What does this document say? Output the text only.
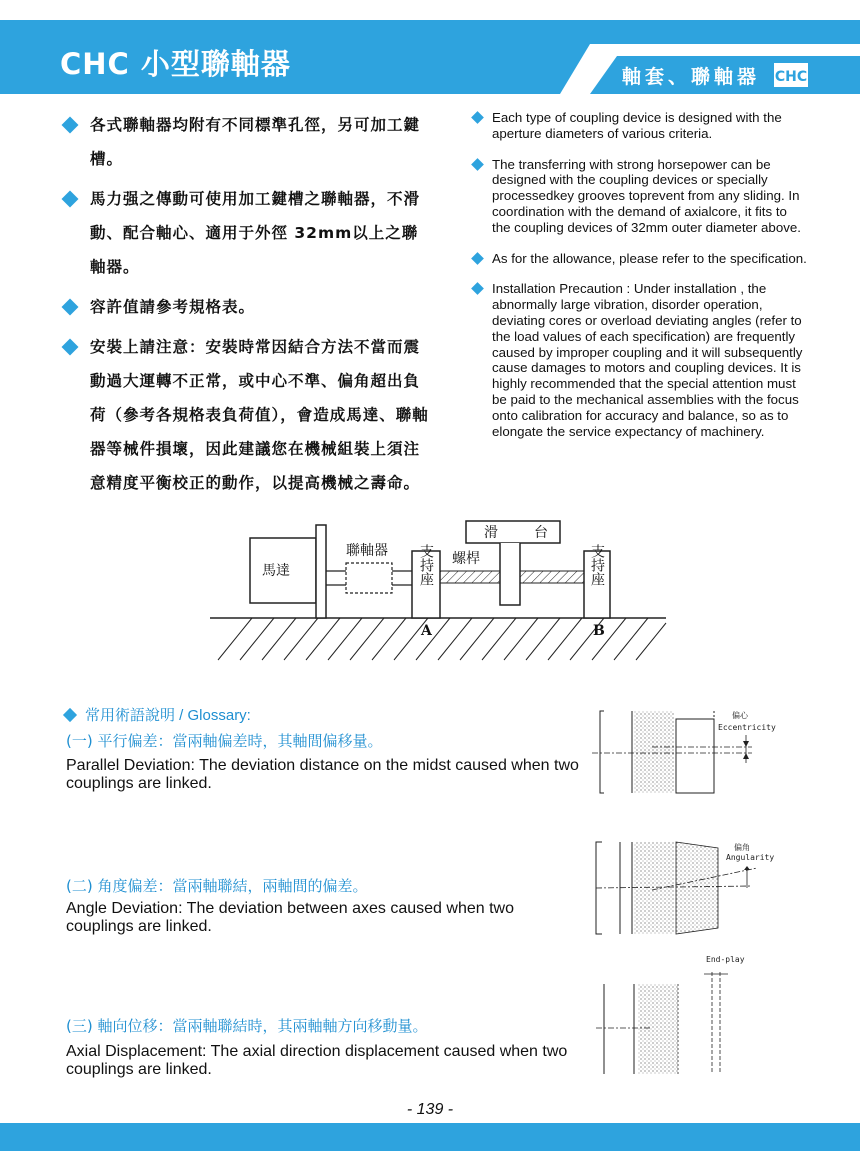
CHC 小型聯軸器	軸套、聯軸器 CHC
各式聯軸器均附有不同標準孔徑，另可加工鍵槽。
馬力强之傳動可使用加工鍵槽之聯軸器，不滑動、配合軸心、適用于外徑 32mm以上之聯軸器。
容許值請參考規格表。
安裝上請注意：安裝時常因結合方法不當而震動過大運轉不正常，或中心不準、偏角超出負荷（參考各規格表負荷值），會造成馬達、聯軸器等械件損壞，因此建議您在機械組裝上須注意精度平衡校正的動作，以提高機械之壽命。
Each type of coupling device is designed with the aperture diameters of various criteria.
The transferring with strong horsepower can be designed with the coupling devices or specially processedkey grooves toprevent from any sliding. In coordination with the demand of axialcore, it fits to the coupling devices of 32mm outer diameter above.
As for the allowance, please refer to the specification.
Installation Precaution : Under installation , the abnormally large vibration, disorder operation, deviating cores or overload deviating angles (refer to the load values of each specification) are frequently caused by improper coupling and it will subsequently cause damages to motors and coupling devices. It is highly recommended that the special attention must be paid to the mechanical assemblies with the focus onto calibration for accuracy and balance, so as to elongate the service expectancy of machinery.
馬達
聯軸器 支持座
A
螺桿
滑	台
支持座
B
常用術語說明 / Glossary:
(一) 平行偏差：當兩軸偏差時，其軸間偏移量。
Parallel Deviation: The deviation distance on the midst caused when two couplings are linked.
(二) 角度偏差：當兩軸聯結，兩軸間的偏差。
Angle Deviation: The deviation between axes caused when two couplings are linked.
(三) 軸向位移：當兩軸聯結時，其兩軸軸方向移動量。
Axial Displacement: The axial direction displacement caused when two couplings are linked.
偏心
Eccentricity
偏角
Angularity
End-play
- 139 -
